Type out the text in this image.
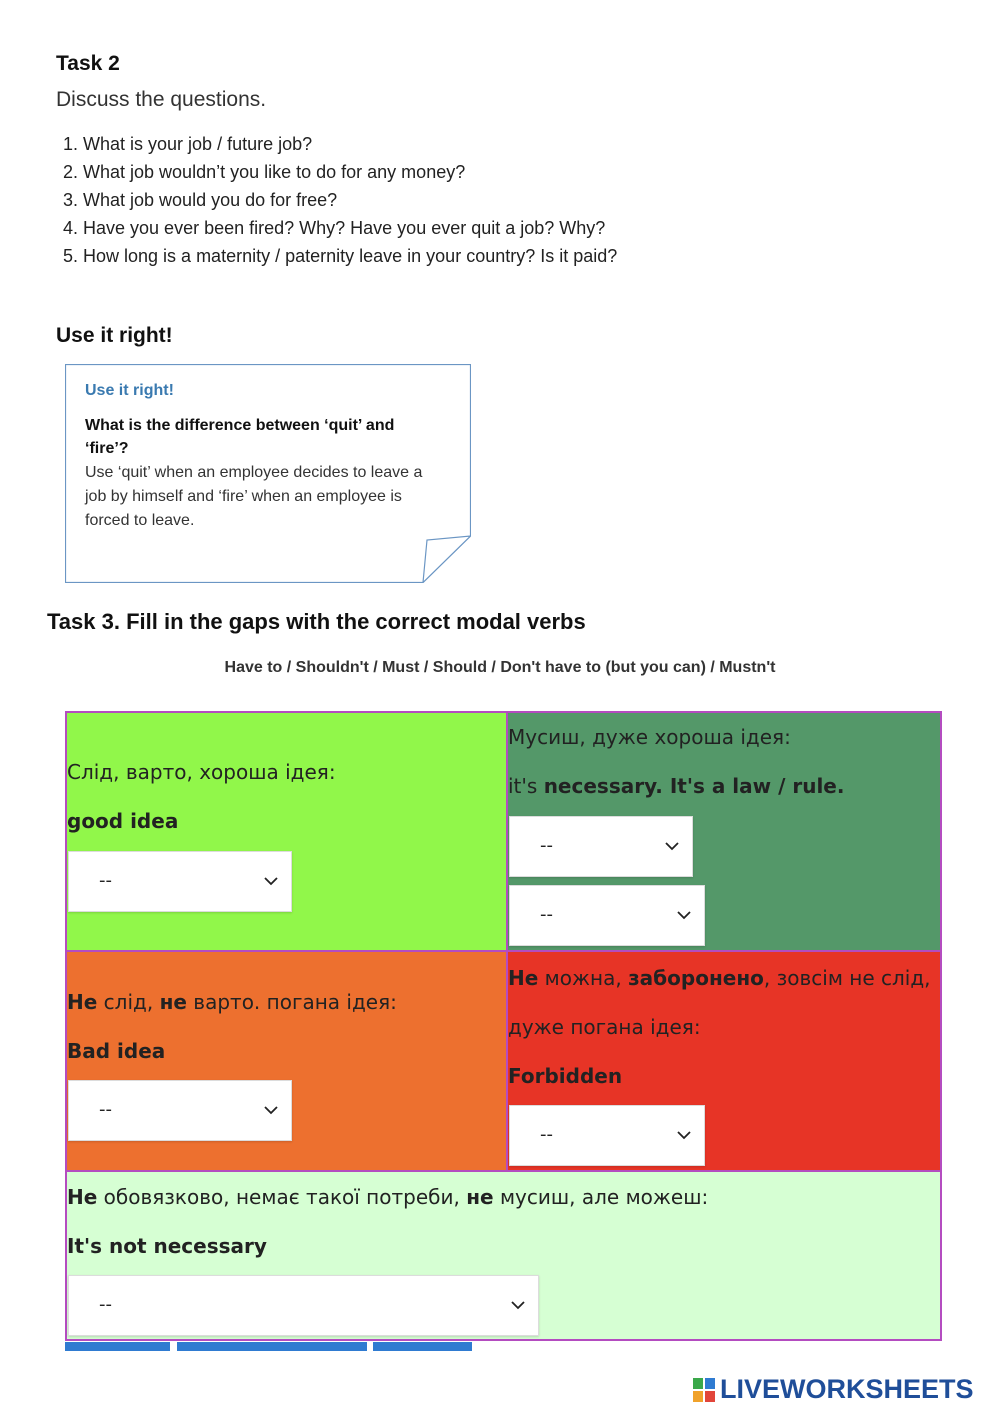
Task 2
Discuss the questions.
1. What is your job / future job?
2. What job wouldn’t you like to do for any money?
3. What job would you do for free?
4. Have you ever been fired? Why? Have you ever quit a job? Why?
5. How long is a maternity / paternity leave in your country? Is it paid?
Use it right!
Use it right!
What is the difference between ‘quit’ and ‘fire’?
Use ‘quit’ when an employee decides to leave a job by himself and ‘fire’ when an employee is forced to leave.
Task 3. Fill in the gaps with the correct modal verbs
Have to / Shouldn't / Must / Should / Don't have to (but you can) / Mustn't
Слід, варто, хороша ідея:
good idea
--
Мусиш, дуже хороша ідея:
it's necessary. It's a law / rule.
--
--
Не слід, не варто. погана ідея:
Bad idea
--
Не можна, заборонено, зовсім не слід,
дуже погана ідея:
Forbidden
--
Не обовязково, немає такої потреби, не мусиш, але можеш:
It's not necessary
--
LIVEWORKSHEETS
